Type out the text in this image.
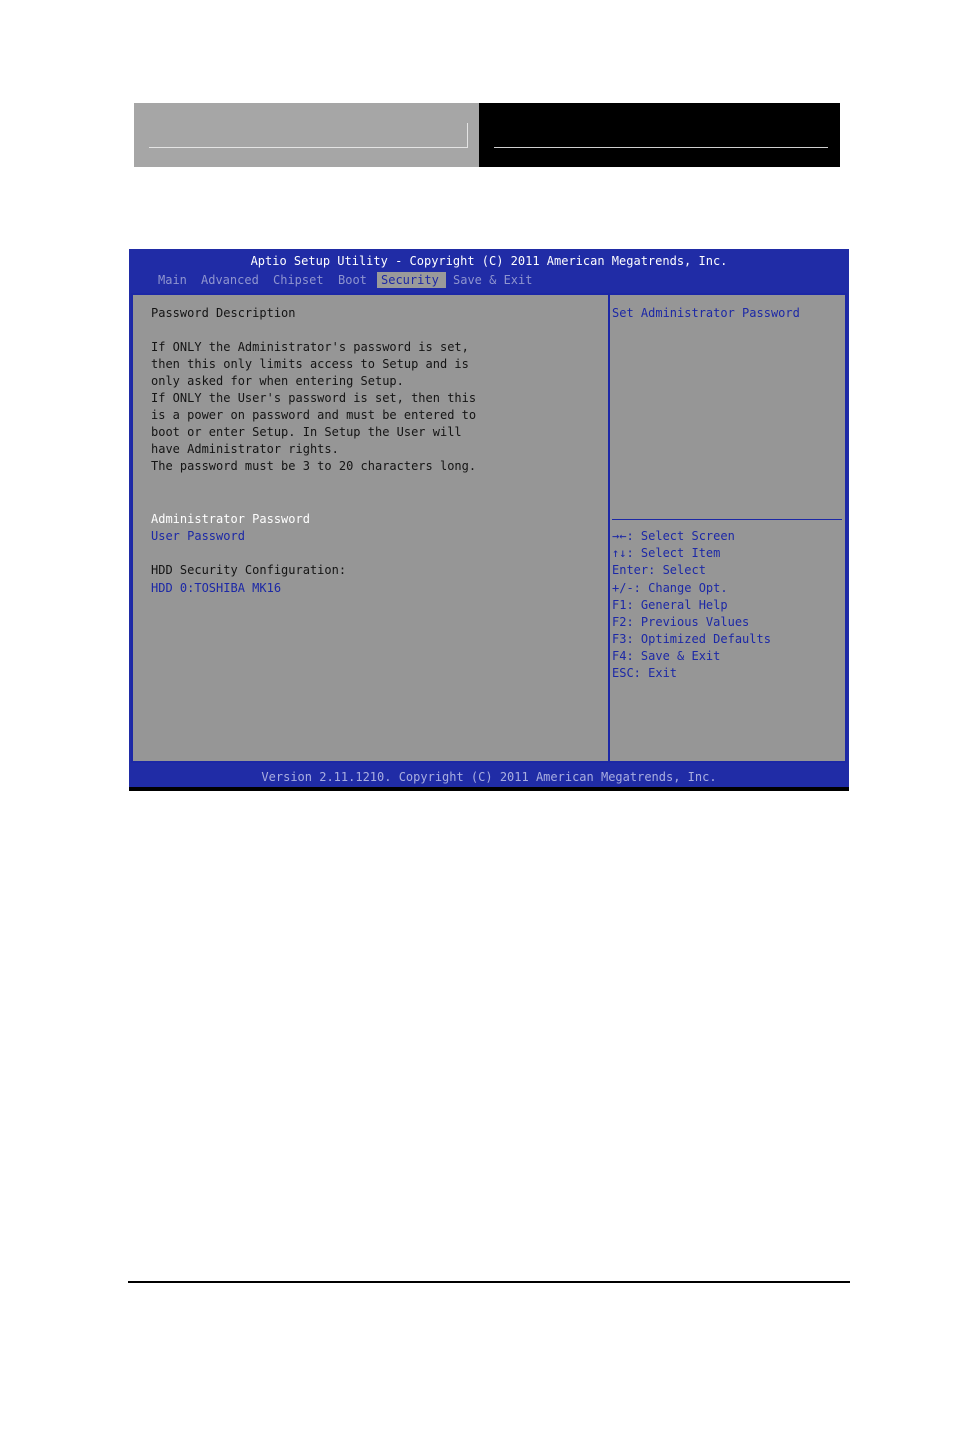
Aptio Setup Utility - Copyright (C) 2011 American Megatrends, Inc.
Main	Advanced	Chipset	Boot	Security	Save & Exit
Password Description
If ONLY the Administrator's password is set,
then this only limits access to Setup and is
only asked for when entering Setup.
If ONLY the User's password is set, then this
is a power on password and must be entered to
boot or enter Setup. In Setup the User will
have Administrator rights.
The password must be 3 to 20 characters long.
Administrator Password
User Password
HDD Security Configuration:
HDD 0:TOSHIBA MK16
Set Administrator Password
→←: Select Screen
↑↓: Select Item
Enter: Select
+/-: Change Opt.
F1: General Help
F2: Previous Values
F3: Optimized Defaults
F4: Save & Exit
ESC: Exit
Version 2.11.1210. Copyright (C) 2011 American Megatrends, Inc.
